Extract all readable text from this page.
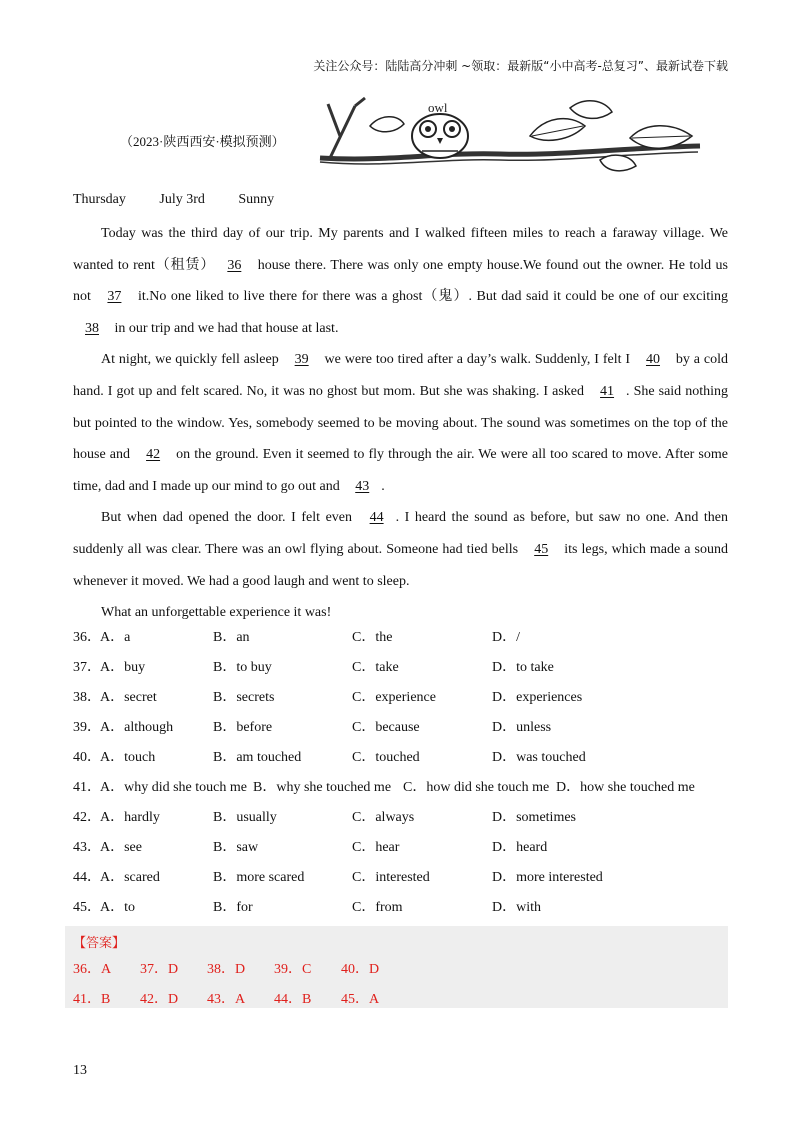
关注公众号：陆陆高分冲刺 ~领取：最新版“小中高考-总复习”、最新试卷下载
（2023·陕西西安·模拟预测）
owl
Thursday July 3rd Sunny

Today was the third day of our trip. My parents and I walked fifteen miles to reach a faraway village. We wanted to rent（租赁） 36 house there. There was only one empty house.We found out the owner. He told us not 37 it.No one liked to live there for there was a ghost（鬼）. But dad said it could be one of our exciting 38 in our trip and we had that house at last.

At night, we quickly fell asleep 39 we were too tired after a day’s walk. Suddenly, I felt I 40 by a cold hand. I got up and felt scared. No, it was no ghost but mom. But she was shaking. I asked 41 . She said nothing but pointed to the window. Yes, somebody seemed to be moving about. The sound was sometimes on the top of the house and 42 on the ground. Even it seemed to fly through the air. We were all too scared to move. After some time, dad and I made up our mind to go out and 43 .

But when dad opened the door. I felt even 44 . I heard the sound as before, but saw no one. And then suddenly all was clear. There was an owl flying about. Someone had tied bells 45 its legs, which made a sound whenever it moved. We had a good laugh and went to sleep.

What an unforgettable experience it was!

36． A．a	B．an	C．the	D．/
37． A．buy	B．to buy	C．take	D．to take
38． A．secret	B．secrets	C．experience	D．experiences
39． A．although	B．before	C．because	D．unless
40． A．touch	B．am touched	C．touched	D．was touched
41． A．why did she touch me B．why she touched me C．how did she touch me D．how she touched me
42． A．hardly	B．usually	C．always	D．sometimes
43． A．see	B．saw	C．hear	D．heard
44． A．scared	B．more scared	C．interested	D．more interested
45． A．to	B．for	C．from	D．with
【答案】
36．A 37．D 38．D 39．C 40．D
41．B 42．D 43．A 44．B 45．A
13
